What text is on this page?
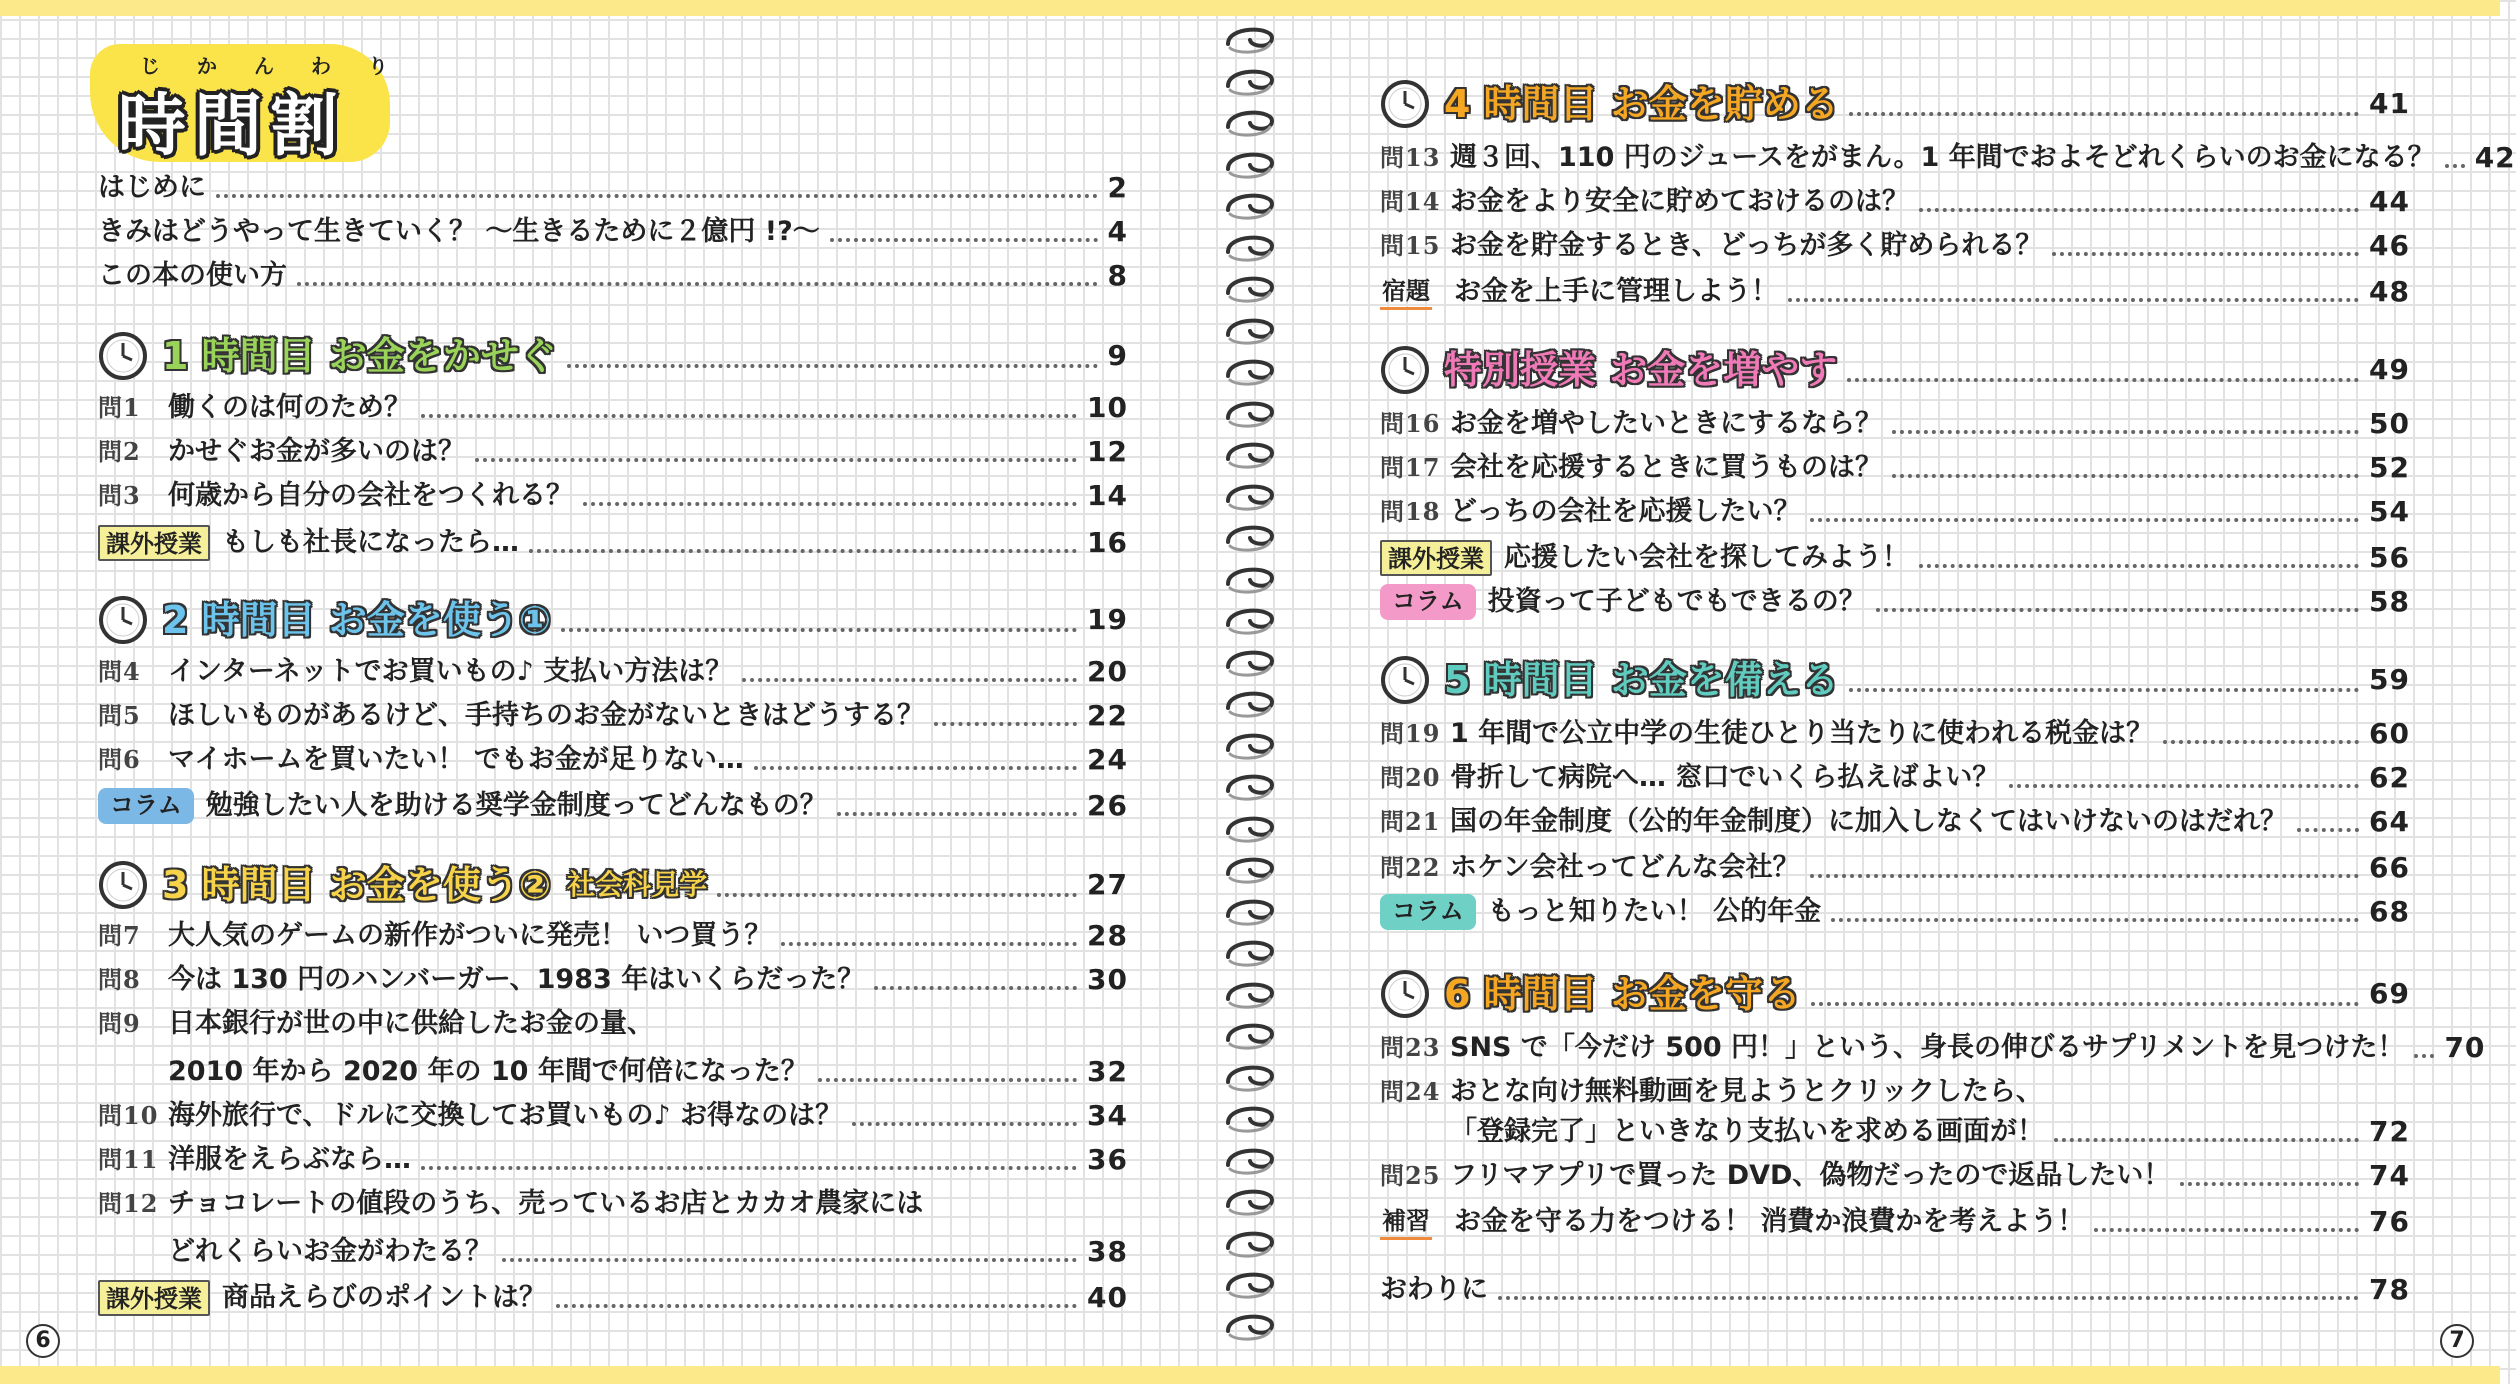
じかんわり
時間割
はじめに	2
きみはどうやって生きていく？ ～生きるために２億円 !?～	4
この本の使い方	8
1 時間目 お金をかせぐ	9
問1	働くのは何のため？	10
問2	かせぐお金が多いのは？	12
問3	何歳から自分の会社をつくれる？	14
課外授業 もしも社長になったら…	16
2 時間目 お金を使う①	19
問4	インターネットでお買いもの♪ 支払い方法は？	20
問5	ほしいものがあるけど、手持ちのお金がないときはどうする？	22
問6	マイホームを買いたい！ でもお金が足りない…	24
コラム 勉強したい人を助ける奨学金制度ってどんなもの？	26
3 時間目 お金を使う② 社会科見学	27
問7	大人気のゲームの新作がついに発売！ いつ買う？	28
問8	今は 130 円のハンバーガー、1983 年はいくらだった？	30
問9	日本銀行が世の中に供給したお金の量、
2010 年から 2020 年の 10 年間で何倍になった？	32
問10 海外旅行で、ドルに交換してお買いもの♪ お得なのは？	34
問11 洋服をえらぶなら…	36
問12 チョコレートの値段のうち、売っているお店とカカオ農家には
どれくらいお金がわたる？	38
課外授業 商品えらびのポイントは？	40
4 時間目 お金を貯める	41
問13 週３回、110 円のジュースをがまん。1 年間でおよそどれくらいのお金になる？ 42
問14 お金をより安全に貯めておけるのは？	44
問15 お金を貯金するとき、どっちが多く貯められる？	46
宿題 お金を上手に管理しよう！	48
特別授業 お金を増やす	49
問16 お金を増やしたいときにするなら？	50
問17 会社を応援するときに買うものは？	52
問18 どっちの会社を応援したい？	54
課外授業 応援したい会社を探してみよう！	56
コラム 投資って子どもでもできるの？	58
5 時間目 お金を備える	59
問19 1 年間で公立中学の生徒ひとり当たりに使われる税金は？	60
問20 骨折して病院へ… 窓口でいくら払えばよい？	62
問21 国の年金制度（公的年金制度）に加入しなくてはいけないのはだれ？	64
問22 ホケン会社ってどんな会社？	66
コラム もっと知りたい！ 公的年金	68
6 時間目 お金を守る	69
問23 SNS で「今だけ 500 円！」という、身長の伸びるサプリメントを見つけた！ 70
問24 おとな向け無料動画を見ようとクリックしたら、
「登録完了」といきなり支払いを求める画面が！	72
問25 フリマアプリで買った DVD、偽物だったので返品したい！	74
補習 お金を守る力をつける！ 消費か浪費かを考えよう！	76
おわりに	78
6	7
